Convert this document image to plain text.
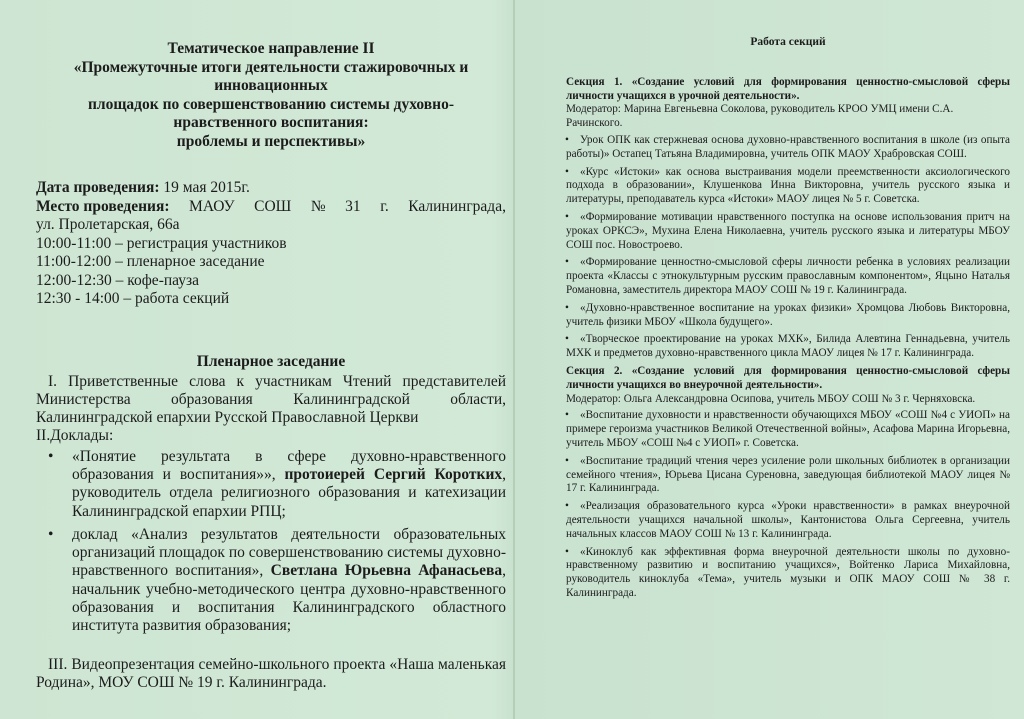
Тематическое направление II
«Промежуточные итоги деятельности стажировочных и
инновационных
площадок по совершенствованию системы духовно-
нравственного воспитания:
проблемы и перспективы»
Дата проведения: 19 мая 2015г.
Место проведения: МАОУ СОШ № 31 г. Калининграда,
ул. Пролетарская, 66а
10:00-11:00 – регистрация участников
11:00-12:00 – пленарное заседание
12:00-12:30 – кофе-пауза
12:30 - 14:00 – работа секций
Пленарное заседание

I. Приветственные слова к участникам Чтений представителей Министерства образования Калининградской области, Калининградской епархии Русской Православной Церкви

II.Доклады:

• «Понятие результата в сфере духовно-нравственного образования и воспитания»», протоиерей Сергий Коротких, руководитель отдела религиозного образования и катехизации Калининградской епархии РПЦ;
• доклад «Анализ результатов деятельности образовательных организаций площадок по совершенствованию системы духовно-нравственного воспитания», Светлана Юрьевна Афанасьева, начальник учебно-методического центра духовно-нравственного образования и воспитания Калининградского областного института развития образования;

III. Видеопрезентация семейно-школьного проекта «Наша маленькая Родина», МОУ СОШ № 19 г. Калининграда.

Работа секций

Секция 1. «Создание условий для формирования ценностно-смысловой сферы личности учащихся в урочной деятельности».

Модератор: Марина Евгеньевна Соколова, руководитель КРОО УМЦ имени С.А. Рачинского.

• Урок ОПК как стержневая основа духовно-нравственного воспитания в школе (из опыта работы)» Остапец Татьяна Владимировна, учитель ОПК МАОУ Храбровская СОШ.
• «Курс «Истоки» как основа выстраивания модели преемственности аксиологического подхода в образовании», Клушенкова Инна Викторовна, учитель русского языка и литературы, преподаватель курса «Истоки» МАОУ лицея № 5 г. Советска.
• «Формирование мотивации нравственного поступка на основе использования притч на уроках ОРКСЭ», Мухина Елена Николаевна, учитель русского языка и литературы МБОУ СОШ пос. Новостроево.
• «Формирование ценностно-смысловой сферы личности ребенка в условиях реализации проекта «Классы с этнокультурным русским православным компонентом», Яцыно Наталья Романовна, заместитель директора МАОУ СОШ № 19 г. Калининграда.
• «Духовно-нравственное воспитание на уроках физики» Хромцова Любовь Викторовна, учитель физики МБОУ «Школа будущего».
• «Творческое проектирование на уроках МХК», Билида Алевтина Геннадьевна, учитель МХК и предметов духовно-нравственного цикла МАОУ лицея № 17 г. Калининграда.

Секция 2. «Создание условий для формирования ценностно-смысловой сферы личности учащихся во внеурочной деятельности».

Модератор: Ольга Александровна Осипова, учитель МБОУ СОШ № 3 г. Черняховска.

• «Воспитание духовности и нравственности обучающихся МБОУ «СОШ №4 с УИОП» на примере героизма участников Великой Отечественной войны», Асафова Марина Игорьевна, учитель МБОУ «СОШ №4 с УИОП» г. Советска.
• «Воспитание традиций чтения через усиление роли школьных библиотек в организации семейного чтения», Юрьева Цисана Суреновна, заведующая библиотекой МАОУ лицея № 17 г. Калининграда.
• «Реализация образовательного курса «Уроки нравственности» в рамках внеурочной деятельности учащихся начальной школы», Кантонистова Ольга Сергеевна, учитель начальных классов МАОУ СОШ № 13 г. Калининграда.
• «Киноклуб как эффективная форма внеурочной деятельности школы по духовно-нравственному развитию и воспитанию учащихся», Войтенко Лариса Михайловна, руководитель киноклуба «Тема», учитель музыки и ОПК МАОУ СОШ № 38 г. Калининграда.
